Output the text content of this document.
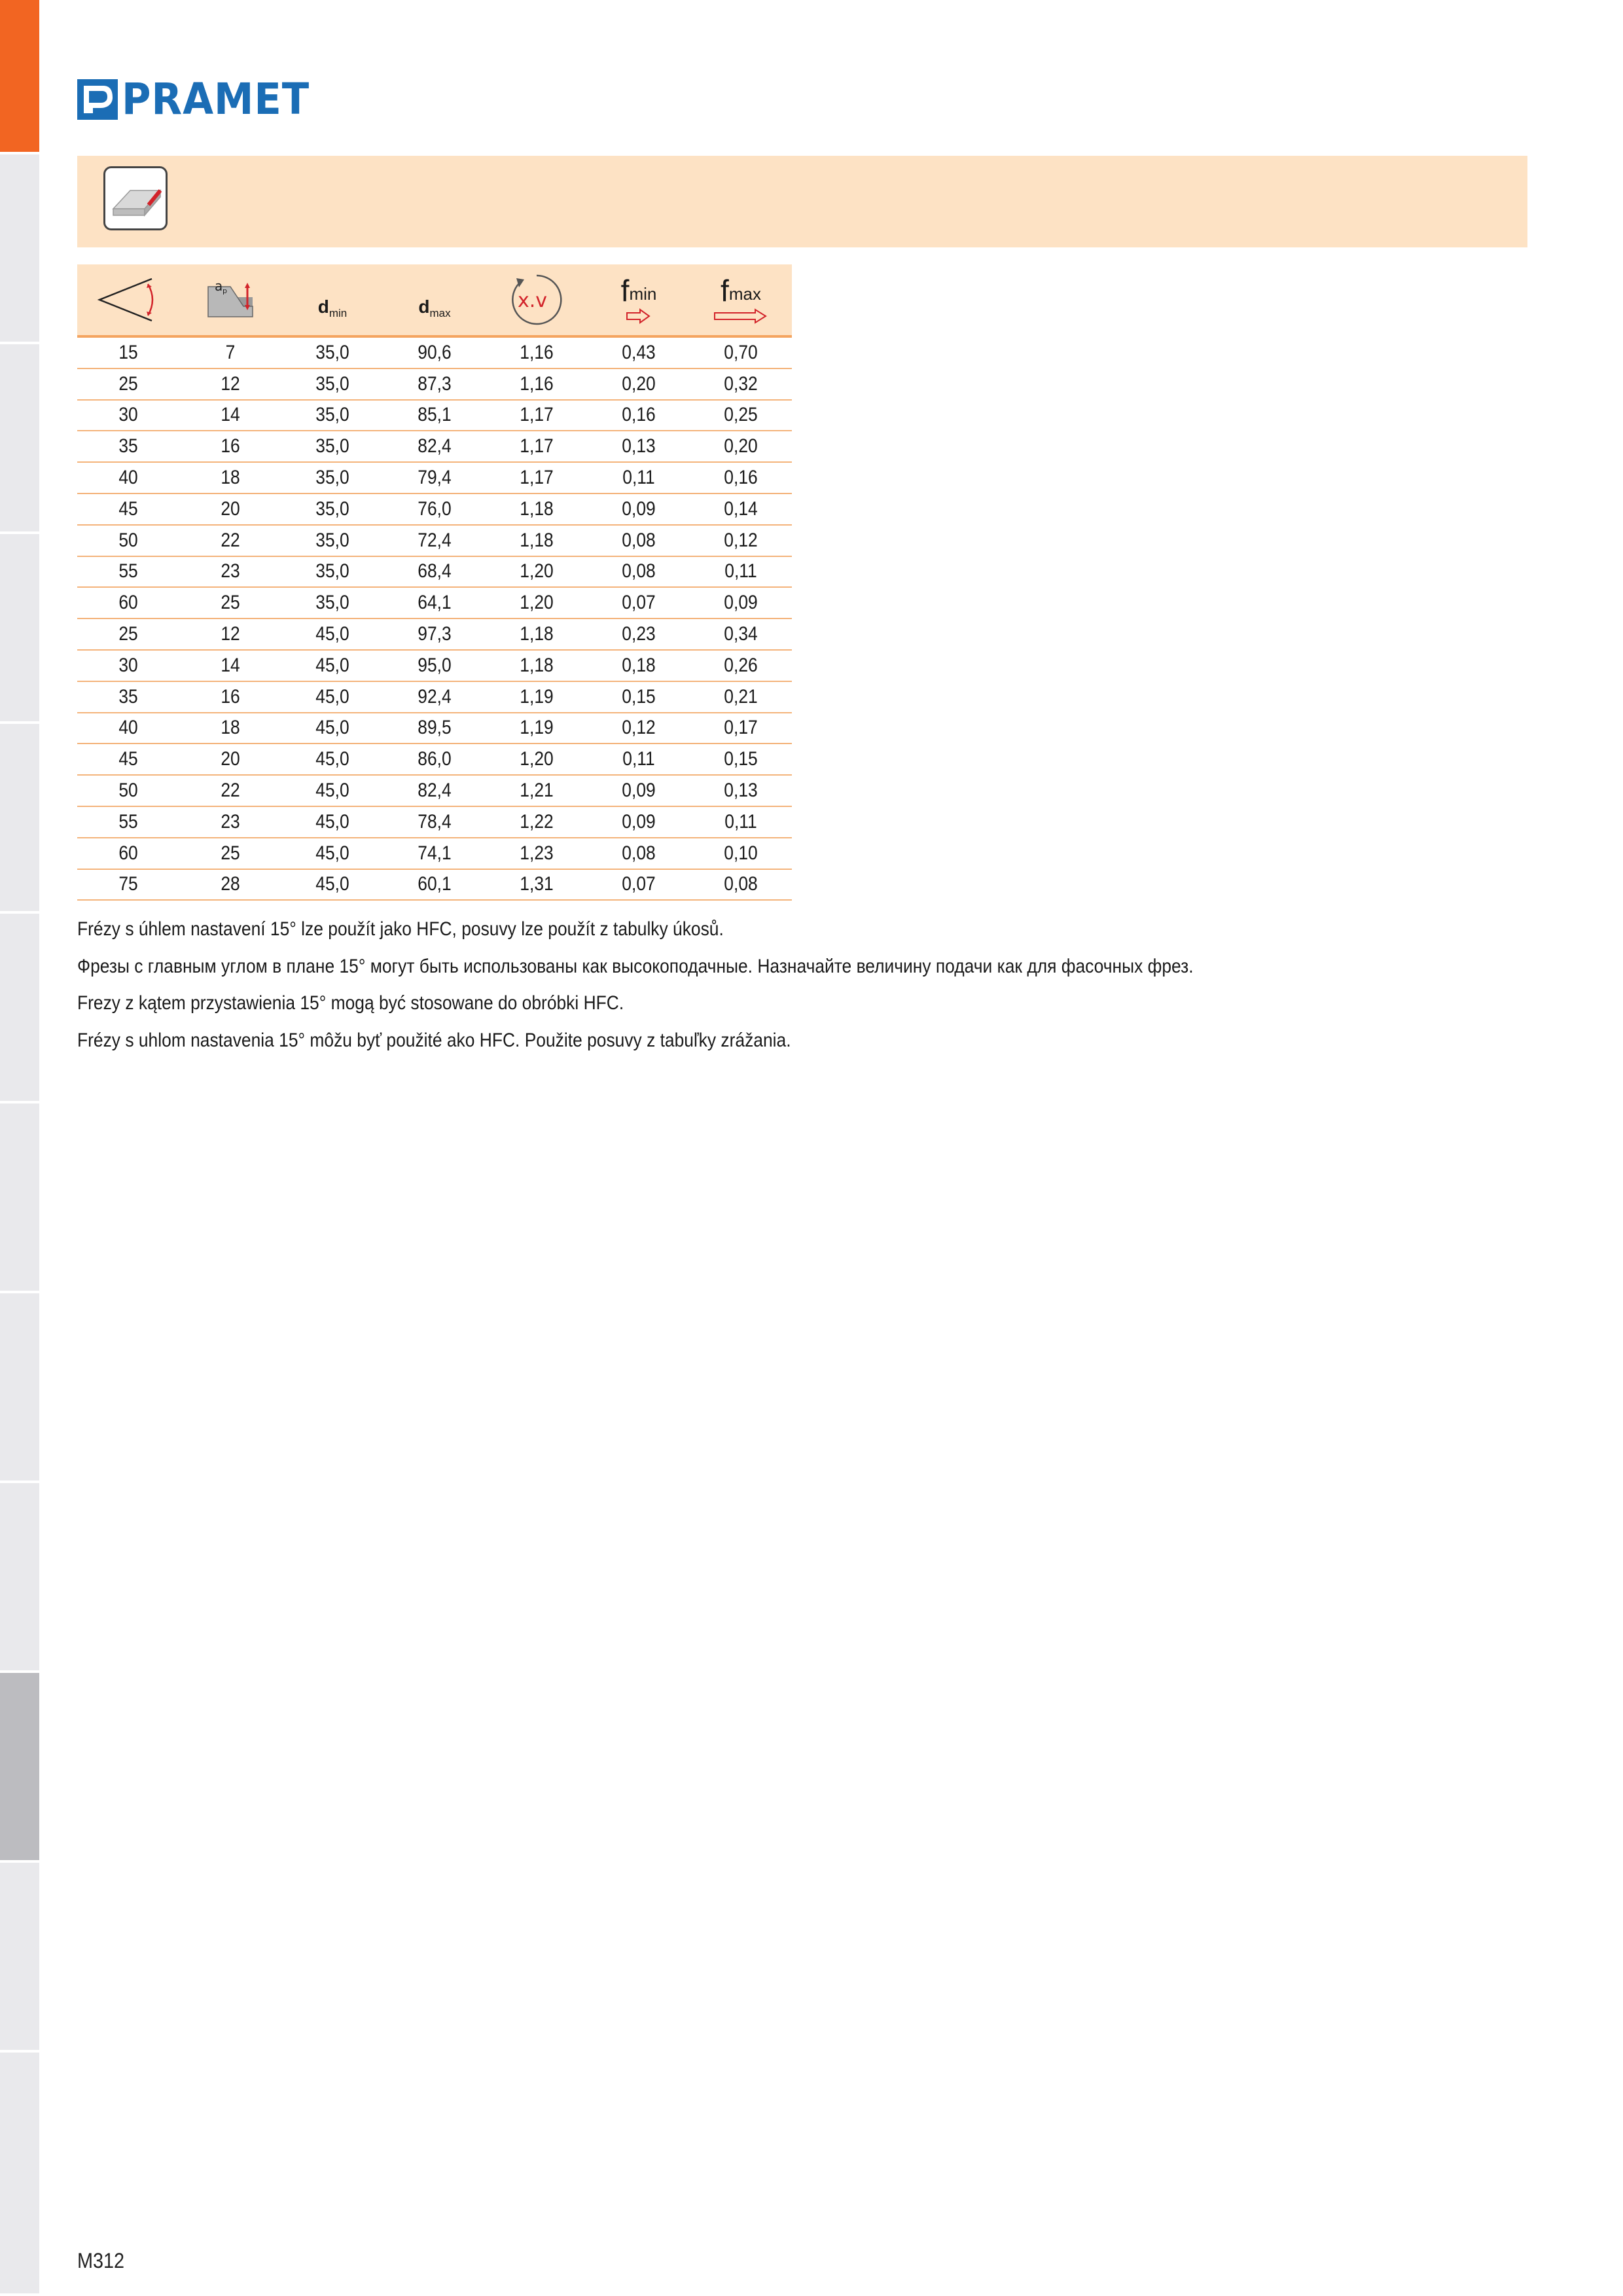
PRAMET
a p
$d_{min}$	$d_{max}$
x.v $f_{min}$ $f_{max}$
15	7	35,0	90,6	1,16	0,43	0,70
25	12	35,0	87,3	1,16	0,20	0,32
30	14	35,0	85,1	1,17	0,16	0,25
35	16	35,0	82,4	1,17	0,13	0,20
40	18	35,0	79,4	1,17	0,11	0,16
45	20	35,0	76,0	1,18	0,09	0,14
50	22	35,0	72,4	1,18	0,08	0,12
55	23	35,0	68,4	1,20	0,08	0,11
60	25	35,0	64,1	1,20	0,07	0,09
25	12	45,0	97,3	1,18	0,23	0,34
30	14	45,0	95,0	1,18	0,18	0,26
35	16	45,0	92,4	1,19	0,15	0,21
40	18	45,0	89,5	1,19	0,12	0,17
45	20	45,0	86,0	1,20	0,11	0,15
50	22	45,0	82,4	1,21	0,09	0,13
55	23	45,0	78,4	1,22	0,09	0,11
60	25	45,0	74,1	1,23	0,08	0,10
75	28	45,0	60,1	1,31	0,07	0,08
Frézy s úhlem nastavení 15° lze použít jako HFC, posuvy lze použít z tabulky úkosů.
Фрезы с главным углом в плане 15° могут быть использованы как высокоподачные. Назначайте величину подачи как для фасочных фрез.
Frezy z kątem przystawienia 15° mogą być stosowane do obróbki HFC.
Frézy s uhlom nastavenia 15° môžu byť použité ako HFC. Použite posuvy z tabuľky zrážania.
M312
